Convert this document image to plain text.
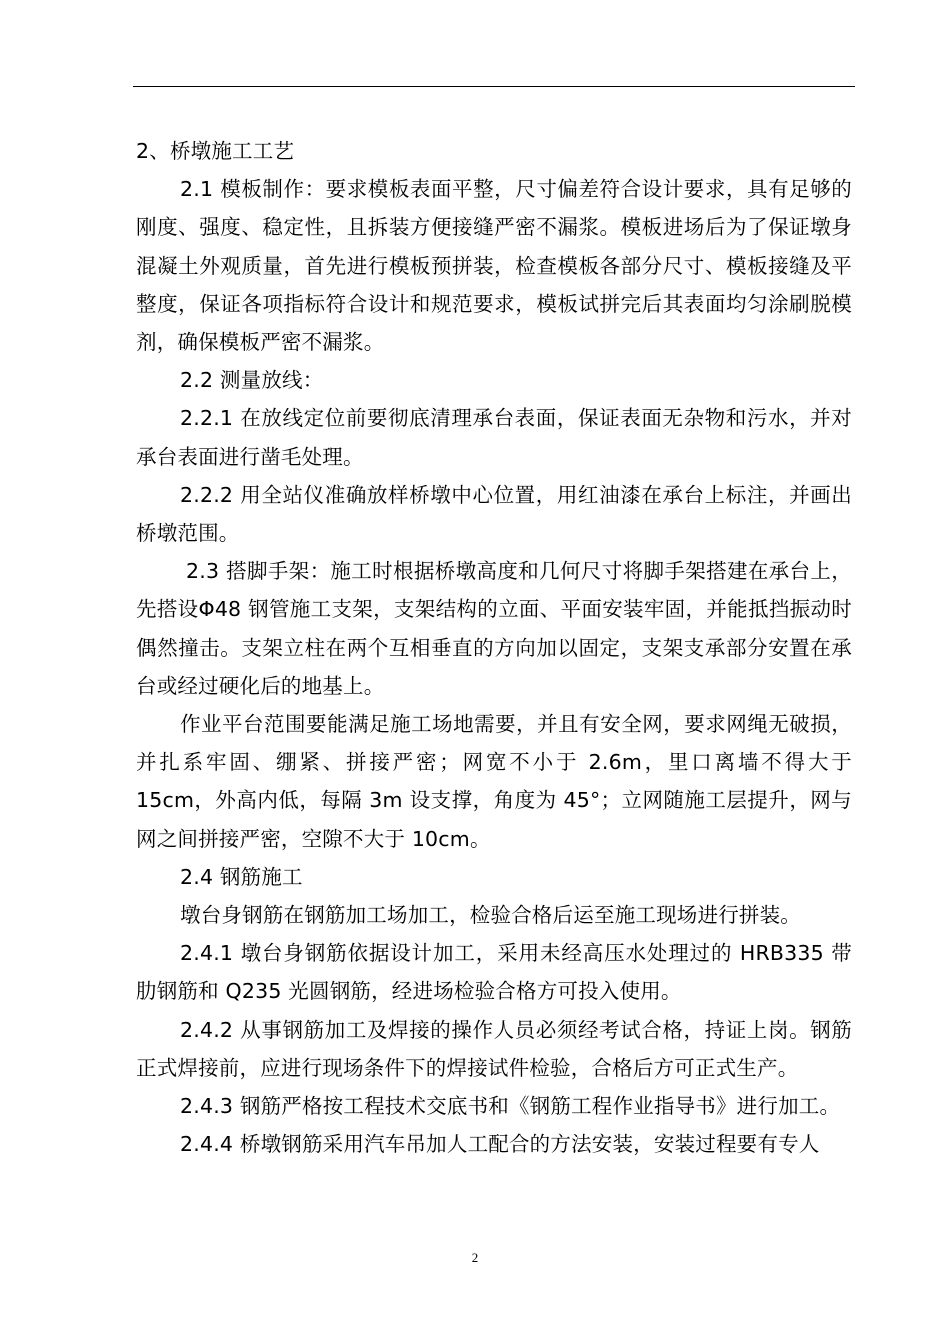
2、桥墩施工工艺

2.1 模板制作：要求模板表面平整，尺寸偏差符合设计要求，具有足够的刚度、强度、稳定性，且拆装方便接缝严密不漏浆。模板进场后为了保证墩身混凝土外观质量，首先进行模板预拼装，检查模板各部分尺寸、模板接缝及平整度，保证各项指标符合设计和规范要求，模板试拼完后其表面均匀涂刷脱模剂，确保模板严密不漏浆。

2.2 测量放线：

2.2.1 在放线定位前要彻底清理承台表面，保证表面无杂物和污水，并对承台表面进行凿毛处理。

2.2.2 用全站仪准确放样桥墩中心位置，用红油漆在承台上标注，并画出桥墩范围。

2.3 搭脚手架：施工时根据桥墩高度和几何尺寸将脚手架搭建在承台上，先搭设Φ48 钢管施工支架，支架结构的立面、平面安装牢固，并能抵挡振动时偶然撞击。支架立柱在两个互相垂直的方向加以固定，支架支承部分安置在承台或经过硬化后的地基上。

作业平台范围要能满足施工场地需要，并且有安全网，要求网绳无破损，并扎系牢固、绷紧、拼接严密；网宽不小于 2.6m，里口离墙不得大于 15cm，外高内低，每隔 3m 设支撑，角度为 45°；立网随施工层提升，网与网之间拼接严密，空隙不大于 10cm。

2.4 钢筋施工

墩台身钢筋在钢筋加工场加工，检验合格后运至施工现场进行拼装。

2.4.1 墩台身钢筋依据设计加工，采用未经高压水处理过的 HRB335 带肋钢筋和 Q235 光圆钢筋，经进场检验合格方可投入使用。

2.4.2 从事钢筋加工及焊接的操作人员必须经考试合格，持证上岗。钢筋正式焊接前，应进行现场条件下的焊接试件检验，合格后方可正式生产。

2.4.3 钢筋严格按工程技术交底书和《钢筋工程作业指导书》进行加工。

2.4.4 桥墩钢筋采用汽车吊加人工配合的方法安装，安装过程要有专人

2
